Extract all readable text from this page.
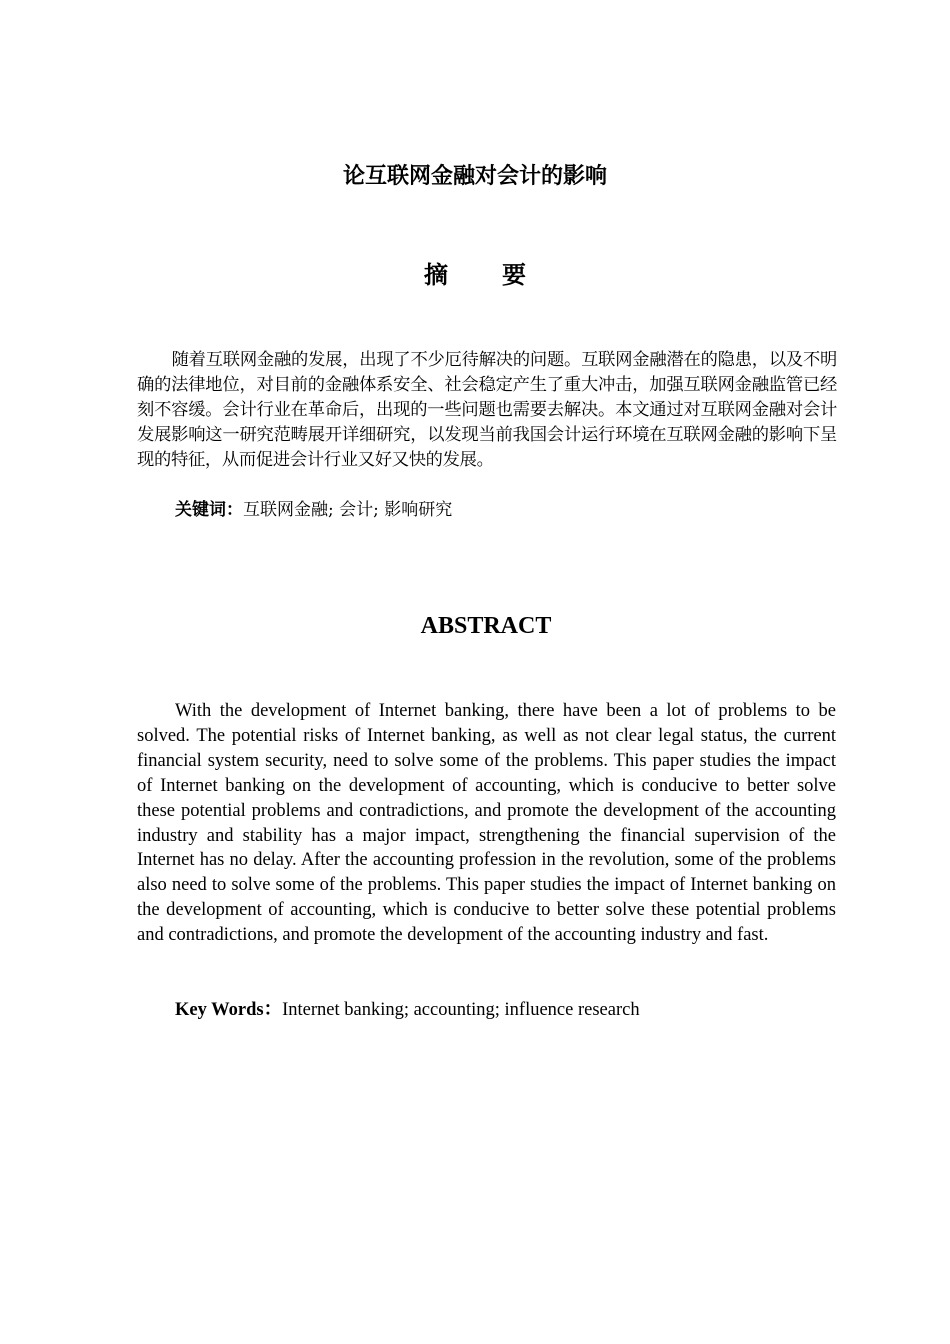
论互联网金融对会计的影响
摘 要

随着互联网金融的发展，出现了不少厄待解决的问题。互联网金融潜在的隐患，以及不明确的法律地位，对目前的金融体系安全、社会稳定产生了重大冲击，加强互联网金融监管已经刻不容缓。会计行业在革命后，出现的一些问题也需要去解决。本文通过对互联网金融对会计发展影响这一研究范畴展开详细研究，以发现当前我国会计运行环境在互联网金融的影响下呈现的特征，从而促进会计行业又好又快的发展。

关键词：互联网金融; 会计; 影响研究

ABSTRACT

With the development of Internet banking, there have been a lot of problems to be solved. The potential risks of Internet banking, as well as not clear legal status, the current financial system security, need to solve some of the problems. This paper studies the impact of Internet banking on the development of accounting, which is conducive to better solve these potential problems and contradictions, and promote the development of the accounting industry and stability has a major impact, strengthening the financial supervision of the Internet has no delay. After the accounting profession in the revolution, some of the problems also need to solve some of the problems. This paper studies the impact of Internet banking on the development of accounting, which is conducive to better solve these potential problems and contradictions, and promote the development of the accounting industry and fast.

Key Words：Internet banking; accounting; influence research
